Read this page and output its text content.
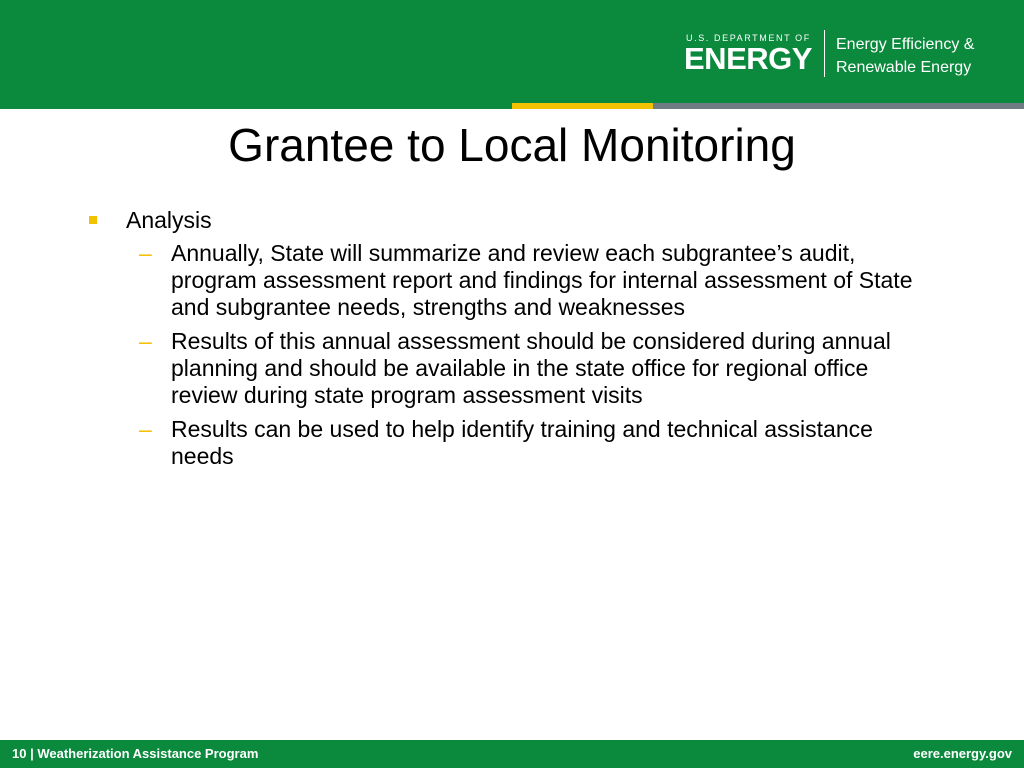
U.S. DEPARTMENT OF
ENERGY Energy Efficiency &
Renewable Energy
Grantee to Local Monitoring
Analysis
– Annually, State will summarize and review each subgrantee’s audit, program assessment report and findings for internal assessment of State and subgrantee needs, strengths and weaknesses
– Results of this annual assessment should be considered during annual planning and should be available in the state office for regional office review during state program assessment visits
– Results can be used to help identify training and technical assistance needs
10 | Weatherization Assistance Program	eere.energy.gov
